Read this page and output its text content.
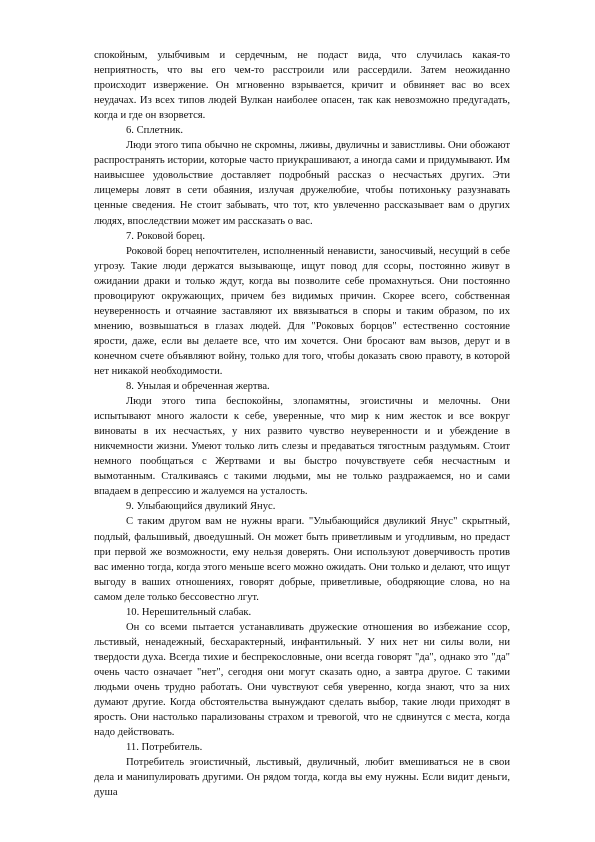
спокойным, улыбчивым и сердечным, не подаст вида, что случилась какая-то неприятность, что вы его чем-то расстроили или рассердили. Затем неожиданно происходит извержение. Он мгновенно взрывается, кричит и обвиняет вас во всех неудачах. Из всех типов людей Вулкан наиболее опасен, так как невозможно предугадать, когда и где он взорвется.

6. Сплетник.

Люди этого типа обычно не скромны, лживы, двуличны и завистливы. Они обожают распространять истории, которые часто приукрашивают, а иногда сами и придумывают. Им наивысшее удовольствие доставляет подробный рассказ о несчастьях других. Эти лицемеры ловят в сети обаяния, излучая дружелюбие, чтобы потихоньку разузнавать ценные сведения. Не стоит забывать, что тот, кто увлеченно рассказывает вам о других людях, впоследствии может им рассказать о вас.

7. Роковой борец.

Роковой борец непочтителен, исполненный ненависти, заносчивый, несущий в себе угрозу. Такие люди держатся вызывающе, ищут повод для ссоры, постоянно живут в ожидании драки и только ждут, когда вы позволите себе промахнуться. Они постоянно провоцируют окружающих, причем без видимых причин. Скорее всего, собственная неуверенность и отчаяние заставляют их ввязываться в споры и таким образом, по их мнению, возвышаться в глазах людей. Для "Роковых борцов" естественно состояние ярости, даже, если вы делаете все, что им хочется. Они бросают вам вызов, дерут и в конечном счете объявляют войну, только для того, чтобы доказать свою правоту, в которой нет никакой необходимости.

8. Унылая и обреченная жертва.

Люди этого типа беспокойны, злопамятны, эгоистичны и мелочны. Они испытывают много жалости к себе, уверенные, что мир к ним жесток и все вокруг виноваты в их несчастьях, у них развито чувство неуверенности и и убеждение в никчемности жизни. Умеют только лить слезы и предаваться тягостным раздумьям. Стоит немного пообщаться с Жертвами и вы быстро почувствуете себя несчастным и вымотанным. Сталкиваясь с такими людьми, мы не только раздражаемся, но и сами впадаем в депрессию и жалуемся на усталость.

9. Улыбающийся двуликий Янус.

С таким другом вам не нужны враги. "Улыбающийся двуликий Янус" скрытный, подлый, фальшивый, двоедушный. Он может быть приветливым и угодливым, но предаст при первой же возможности, ему нельзя доверять. Они используют доверчивость против вас именно тогда, когда этого меньше всего можно ожидать. Они только и делают, что ищут выгоду в ваших отношениях, говорят добрые, приветливые, ободряющие слова, но на самом деле только бессовестно лгут.

10. Нерешительный слабак.

Он со всеми пытается устанавливать дружеские отношения во избежание ссор, льстивый, ненадежный, бесхарактерный, инфантильный. У них нет ни силы воли, ни твердости духа. Всегда тихие и беспрекословные, они всегда говорят "да", однако это "да" очень часто означает "нет", сегодня они могут сказать одно, а завтра другое. С такими людьми очень трудно работать. Они чувствуют себя уверенно, когда знают, что за них думают другие. Когда обстоятельства вынуждают сделать выбор, такие люди приходят в ярость. Они настолько парализованы страхом и тревогой, что не сдвинутся с места, когда надо действовать.

11. Потребитель.

Потребитель эгоистичный, льстивый, двуличный, любит вмешиваться не в свои дела и манипулировать другими. Он рядом тогда, когда вы ему нужны. Если видит деньги, душа
